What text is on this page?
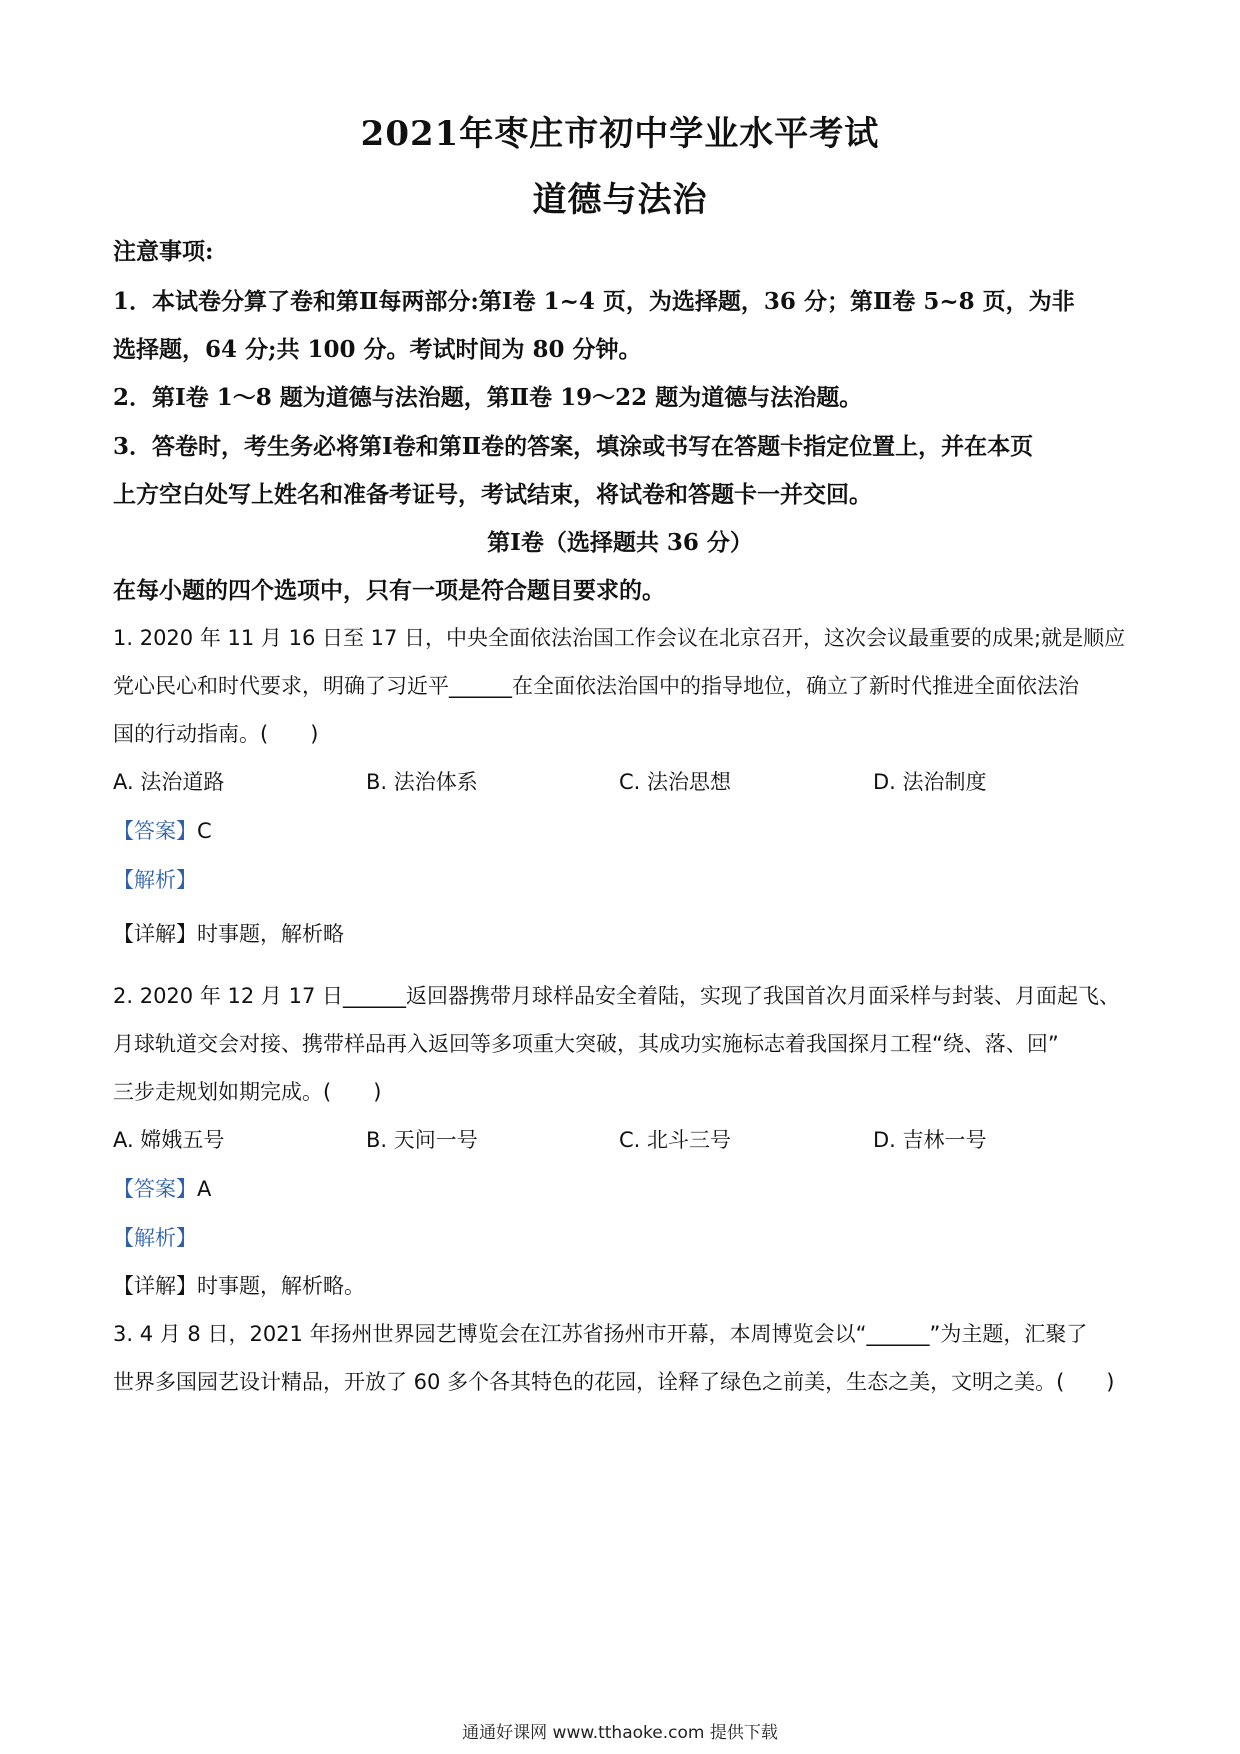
2021年枣庄市初中学业水平考试
道德与法治
注意事项:
1．本试卷分算了卷和第Ⅱ每两部分:第Ⅰ卷 1~4 页，为选择题，36 分；第Ⅱ卷 5~8 页，为非
选择题，64 分;共 100 分。考试时间为 80 分钟。
2．第Ⅰ卷 1～8 题为道德与法治题，第Ⅱ卷 19～22 题为道德与法治题。
3．答卷时，考生务必将第Ⅰ卷和第Ⅱ卷的答案，填涂或书写在答题卡指定位置上，并在本页
上方空白处写上姓名和准备考证号，考试结束，将试卷和答题卡一并交回。
第Ⅰ卷（选择题共 36 分）
在每小题的四个选项中，只有一项是符合题目要求的。
1. 2020 年 11 月 16 日至 17 日，中央全面依法治国工作会议在北京召开，这次会议最重要的成果;就是顺应
党心民心和时代要求，明确了习近平______在全面依法治国中的指导地位，确立了新时代推进全面依法治
国的行动指南。(　　)
A. 法治道路	B. 法治体系	C. 法治思想	D. 法治制度
【答案】C
【解析】
【详解】时事题，解析略
2. 2020 年 12 月 17 日______返回器携带月球样品安全着陆，实现了我国首次月面采样与封装、月面起飞、
月球轨道交会对接、携带样品再入返回等多项重大突破，其成功实施标志着我国探月工程“绕、落、回”
三步走规划如期完成。(　　)
A. 嫦娥五号	B. 天问一号	C. 北斗三号	D. 吉林一号
【答案】A
【解析】
【详解】时事题，解析略。
3. 4 月 8 日，2021 年扬州世界园艺博览会在江苏省扬州市开幕，本周博览会以“______”为主题，汇聚了
世界多国园艺设计精品，开放了 60 多个各其特色的花园，诠释了绿色之前美，生态之美，文明之美。(　　)
通通好课网 www.tthaoke.com 提供下载
